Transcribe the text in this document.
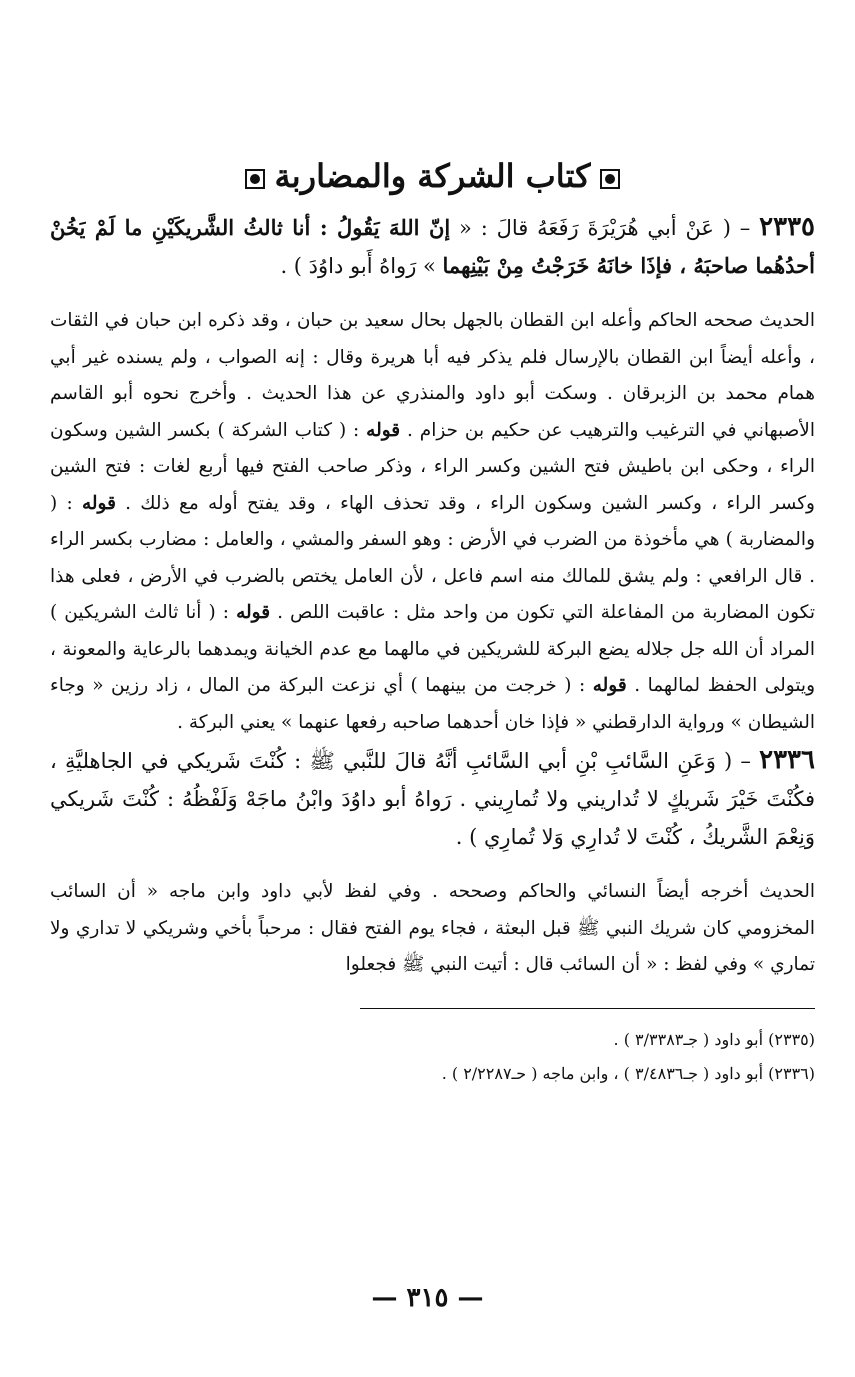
كتاب الشركة والمضاربة

٢٣٣٥ – ( عَنْ أبي هُرَيْرَةَ رَفَعَهُ قالَ : « إنّ اللهَ يَقُولُ : أنا ثالثُ الشَّريكَيْنِ ما لَمْ يَخُنْ أحدُهُما صاحبَهُ ، فإذَا خانَهُ خَرَجْتُ مِنْ بَيْنِهما » رَواهُ أَبو داوُدَ ) .

الحديث صححه الحاكم وأعله ابن القطان بالجهل بحال سعيد بن حبان ، وقد ذكره ابن حبان في الثقات ، وأعله أيضاً ابن القطان بالإرسال فلم يذكر فيه أبا هريرة وقال : إنه الصواب ، ولم يسنده غير أبي همام محمد بن الزبرقان . وسكت أبو داود والمنذري عن هذا الحديث . وأخرج نحوه أبو القاسم الأصبهاني في الترغيب والترهيب عن حكيم بن حزام . قوله : ( كتاب الشركة ) بكسر الشين وسكون الراء ، وحكى ابن باطيش فتح الشين وكسر الراء ، وذكر صاحب الفتح فيها أربع لغات : فتح الشين وكسر الراء ، وكسر الشين وسكون الراء ، وقد تحذف الهاء ، وقد يفتح أوله مع ذلك . قوله : ( والمضاربة ) هي مأخوذة من الضرب في الأرض : وهو السفر والمشي ، والعامل : مضارب بكسر الراء . قال الرافعي : ولم يشق للمالك منه اسم فاعل ، لأن العامل يختص بالضرب في الأرض ، فعلى هذا تكون المضاربة من المفاعلة التي تكون من واحد مثل : عاقبت اللص . قوله : ( أنا ثالث الشريكين ) المراد أن الله جل جلاله يضع البركة للشريكين في مالهما مع عدم الخيانة ويمدهما بالرعاية والمعونة ، ويتولى الحفظ لمالهما . قوله : ( خرجت من بينهما ) أي نزعت البركة من المال ، زاد رزين « وجاء الشيطان » ورواية الدارقطني « فإذا خان أحدهما صاحبه رفعها عنهما » يعني البركة .

٢٣٣٦ – ( وَعَنِ السَّائبِ بْنِ أبي السَّائبِ أنَّهُ قالَ للنَّبي ﷺ : كُنْتَ شَريكي في الجاهليَّةِ ، فكُنْتَ خَيْرَ شَريكٍ لا تُداريني ولا تُمارِيني . رَواهُ أبو داوُدَ وابْنُ ماجَهْ وَلَفْظُهُ : كُنْتَ شَريكي وَنِعْمَ الشَّريكُ ، كُنْتَ لا تُدارِي وَلا تُمارِي ) .

الحديث أخرجه أيضاً النسائي والحاكم وصححه . وفي لفظ لأبي داود وابن ماجه « أن السائب المخزومي كان شريك النبي ﷺ قبل البعثة ، فجاء يوم الفتح فقال : مرحباً بأخي وشريكي لا تداري ولا تماري » وفي لفظ : « أن السائب قال : أتيت النبي ﷺ فجعلوا

(٢٣٣٥) أبو داود ( جـ٣/٣٣٨٣ ) .

(٢٣٣٦) أبو داود ( جـ٣/٤٨٣٦ ) ، وابن ماجه ( حـ٢/٢٢٨٧ ) .

— ٣١٥ —
